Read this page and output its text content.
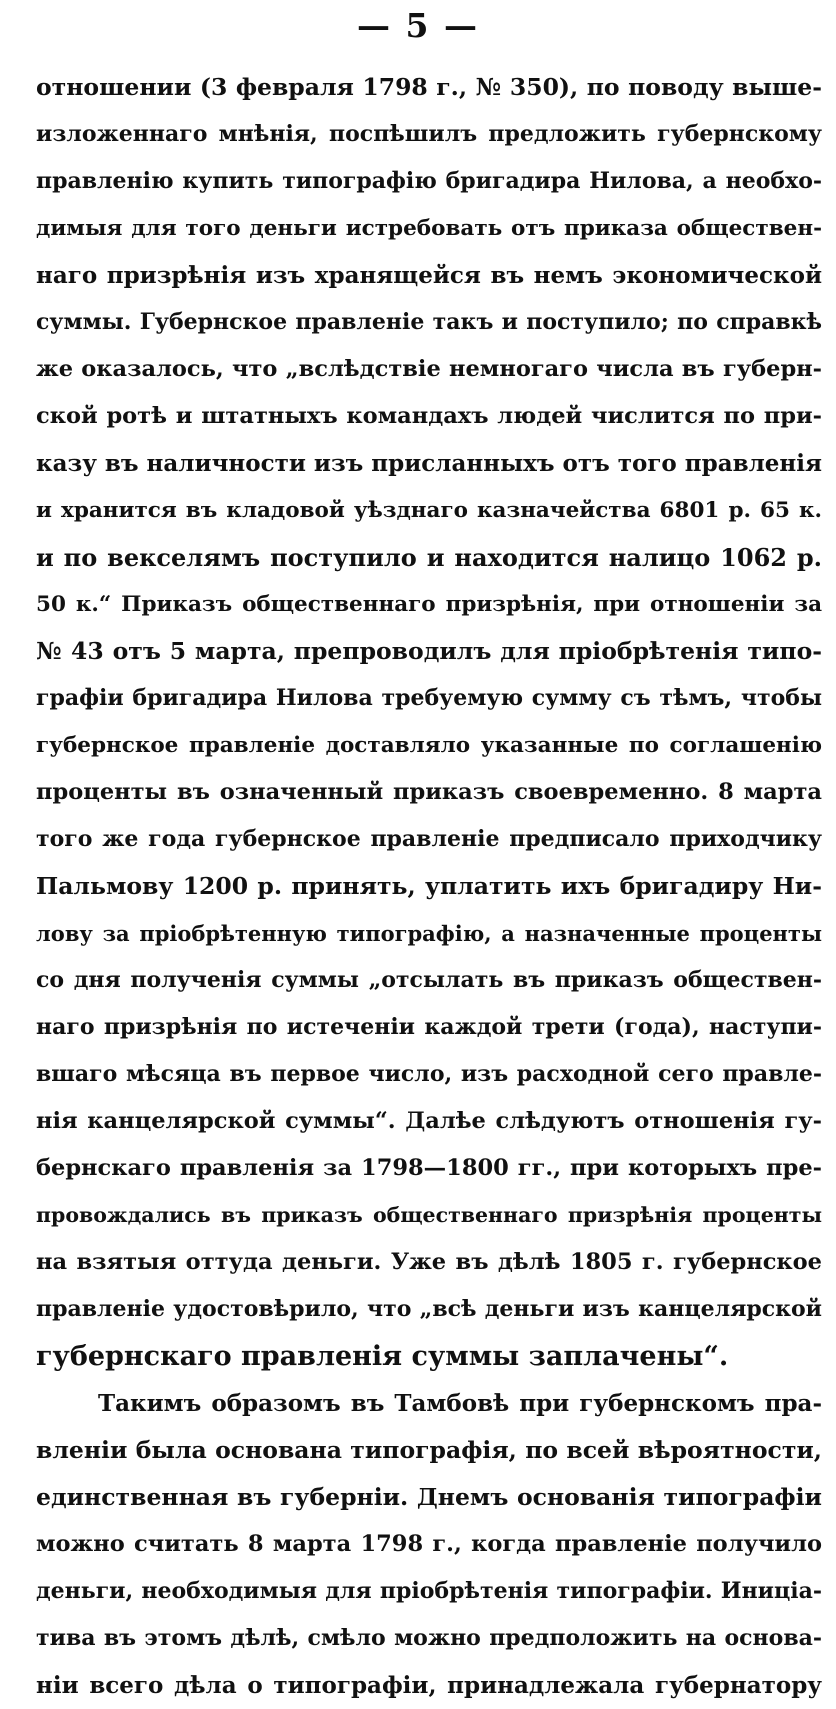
— 5 —
отношении (3 февраля 1798 г., № 350), по поводу выше-
изложеннаго мнѣнія, поспѣшилъ предложить губернскому
правленію купить типографію бригадира Нилова, а необхо-
димыя для того деньги истребовать отъ приказа обществен-
наго призрѣнія изъ хранящейся въ немъ экономической
суммы. Губернское правленіе такъ и поступило; по справкѣ
же оказалось, что „вслѣдствіе немногаго числа въ губерн-
ской ротѣ и штатныхъ командахъ людей числится по при-
казу въ наличности изъ присланныхъ отъ того правленія
и хранится въ кладовой уѣзднаго казначейства 6801 р. 65 к.
и по векселямъ поступило и находится налицо 1062 р.
50 к.“ Приказъ общественнаго призрѣнія, при отношеніи за
№ 43 отъ 5 марта, препроводилъ для пріобрѣтенія типо-
графіи бригадира Нилова требуемую сумму съ тѣмъ, чтобы
губернское правленіе доставляло указанные по соглашенію
проценты въ означенный приказъ своевременно. 8 марта
того же года губернское правленіе предписало приходчику
Пальмову 1200 р. принять, уплатить ихъ бригадиру Ни-
лову за пріобрѣтенную типографію, а назначенные проценты
со дня полученія суммы „отсылать въ приказъ обществен-
наго призрѣнія по истеченіи каждой трети (года), наступи-
вшаго мѣсяца въ первое число, изъ расходной сего правле-
нія канцелярской суммы“. Далѣе слѣдуютъ отношенія гу-
бернскаго правленія за 1798—1800 гг., при которыхъ пре-
провождались въ приказъ общественнаго призрѣнія проценты
на взятыя оттуда деньги. Уже въ дѣлѣ 1805 г. губернское
правленіе удостовѣрило, что „всѣ деньги изъ канцелярской
губернскаго правленія суммы заплачены“.
Такимъ образомъ въ Тамбовѣ при губернскомъ пра-
вленіи была основана типографія, по всей вѣроятности,
единственная въ губерніи. Днемъ основанія типографіи
можно считать 8 марта 1798 г., когда правленіе получило
деньги, необходимыя для пріобрѣтенія типографіи. Иниціа-
тива въ этомъ дѣлѣ, смѣло можно предположить на основа-
ніи всего дѣла о типографіи, принадлежала губернатору
